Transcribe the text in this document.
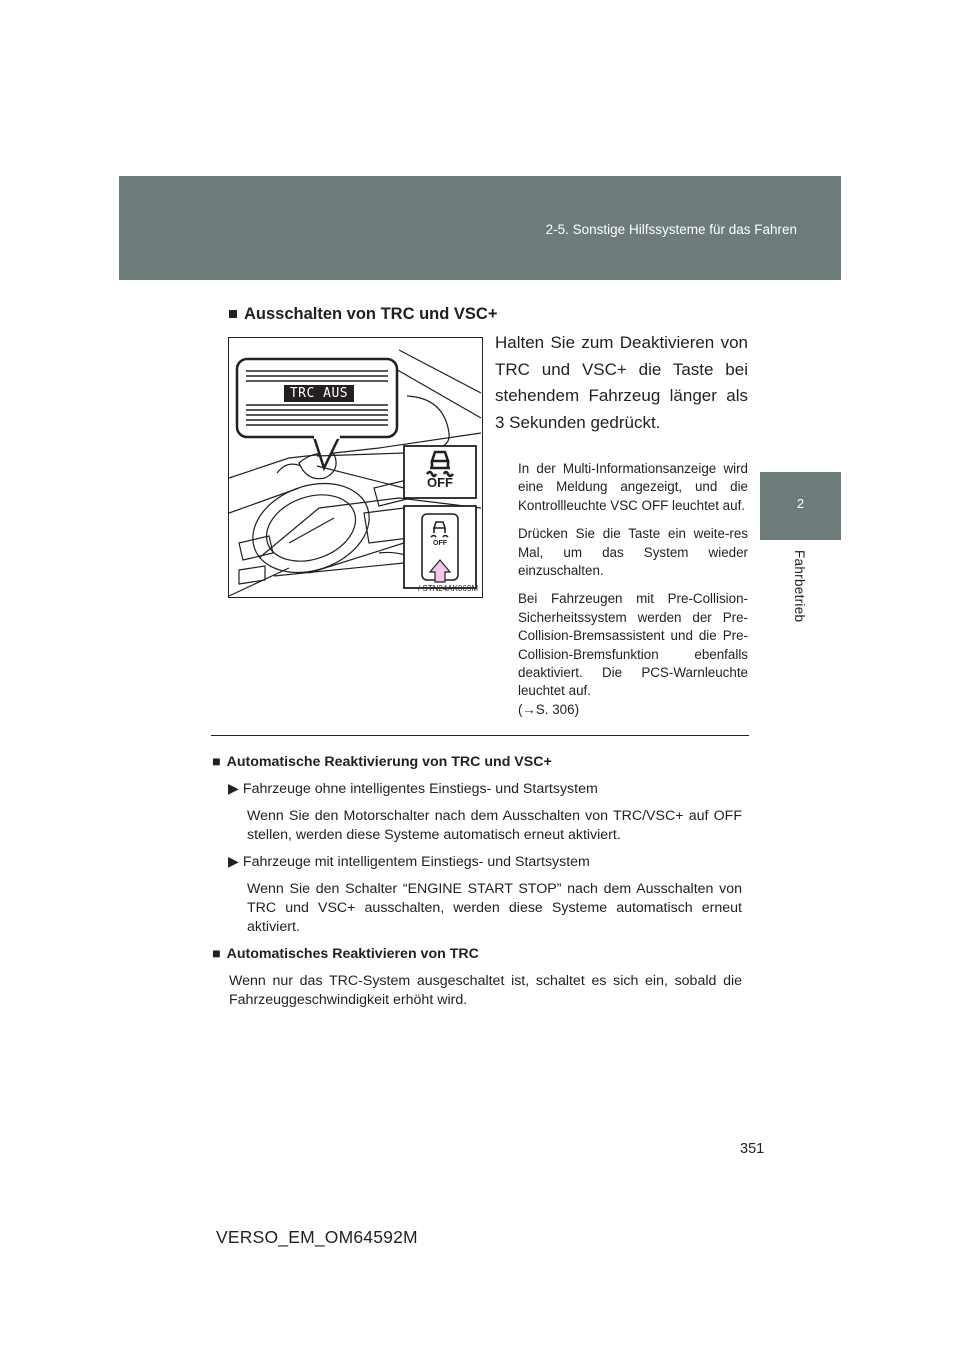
2-5. Sonstige Hilfssysteme für das Fahren
2
Fahrbetrieb
■ Ausschalten von TRC und VSC+
TRC AUS
OFF
OFF
/ STN24AK069M
Halten Sie zum Deaktivieren von TRC und VSC+ die Taste bei stehendem Fahrzeug länger als 3 Sekunden gedrückt.

In der Multi-Informationsanzeige wird eine Meldung angezeigt, und die Kontrollleuchte VSC OFF leuchtet auf.

Drücken Sie die Taste ein weite-res Mal, um das System wieder einzuschalten.

Bei Fahrzeugen mit Pre-Collision-Sicherheitssystem werden der Pre-Collision-Bremsassistent und die Pre-Collision-Bremsfunktion ebenfalls deaktiviert. Die PCS-Warnleuchte leuchtet auf.

(→S. 306)

■ Automatische Reaktivierung von TRC und VSC+
▶ Fahrzeuge ohne intelligentes Einstiegs- und Startsystem
Wenn Sie den Motorschalter nach dem Ausschalten von TRC/VSC+ auf OFF stellen, werden diese Systeme automatisch erneut aktiviert.
▶ Fahrzeuge mit intelligentem Einstiegs- und Startsystem
Wenn Sie den Schalter “ENGINE START STOP” nach dem Ausschalten von TRC und VSC+ ausschalten, werden diese Systeme automatisch erneut aktiviert.
■ Automatisches Reaktivieren von TRC
Wenn nur das TRC-System ausgeschaltet ist, schaltet es sich ein, sobald die Fahrzeuggeschwindigkeit erhöht wird.
351
VERSO_EM_OM64592M
